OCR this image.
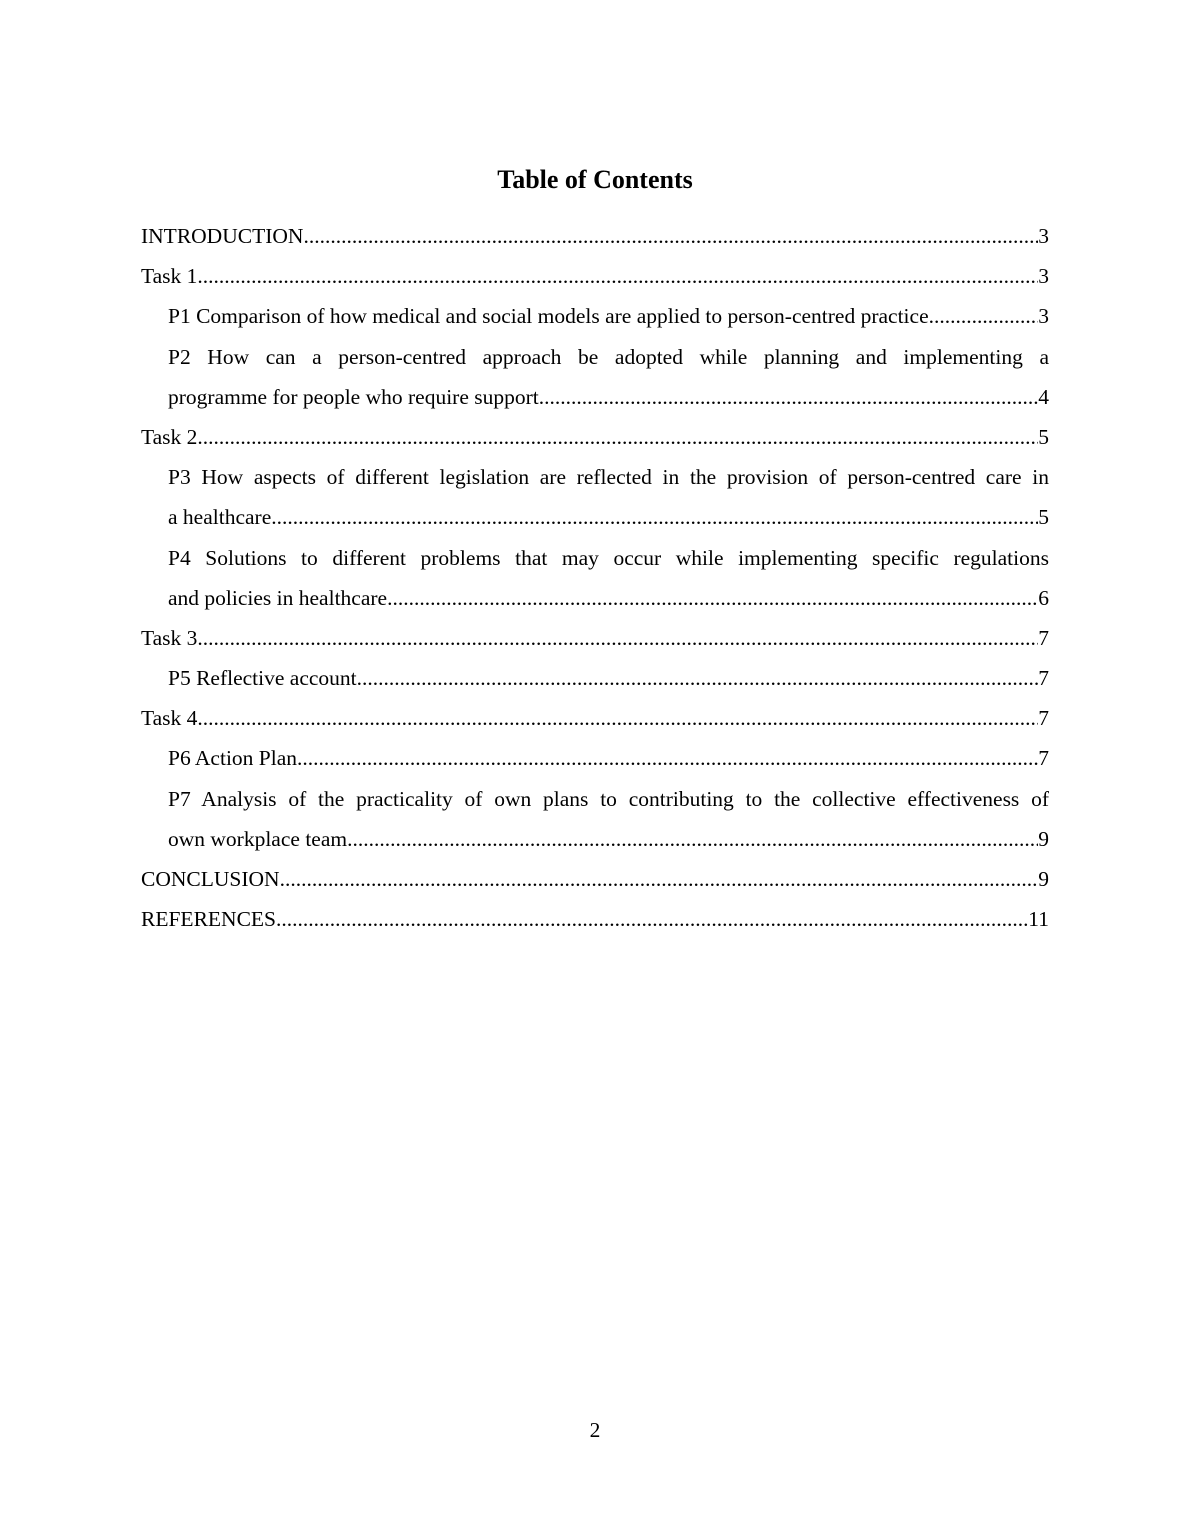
Table of Contents
INTRODUCTION .....	3
Task 1 .....	3
P1 Comparison of how medical and social models are applied to person-centred practice .....	3
P2 How can a person-centred approach be adopted while planning and implementing a
programme for people who require support .....	4
Task 2 .....	5
P3 How aspects of different legislation are reflected in the provision of person-centred care in
a healthcare .....	5
P4 Solutions to different problems that may occur while implementing specific regulations
and policies in healthcare .....	6
Task 3 .....	7
P5 Reflective account .....	7
Task 4 .....	7
P6 Action Plan .....	7
P7 Analysis of the practicality of own plans to contributing to the collective effectiveness of
own workplace team .....	9
CONCLUSION .....	9
REFERENCES .....	11
2
